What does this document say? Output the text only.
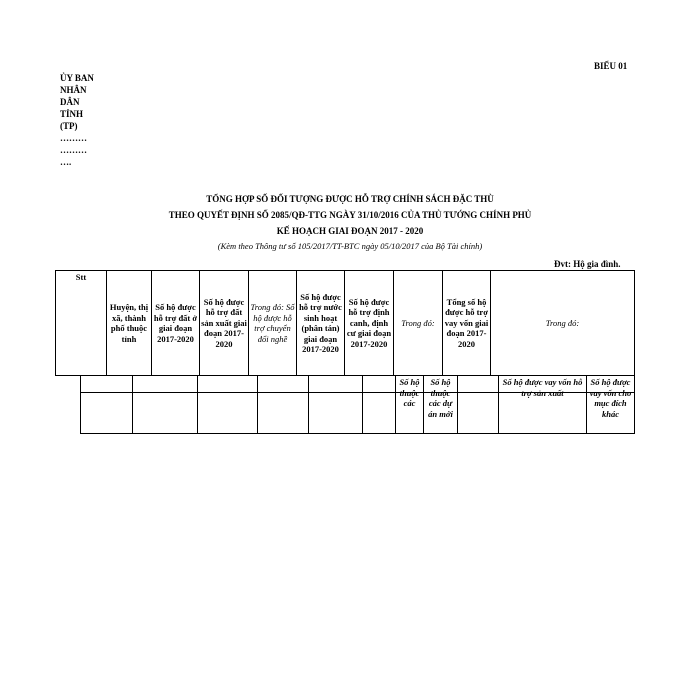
BIỂU 01
ỦY BAN
NHÂN
DÂN
TỈNH
(TP)
………
………
….
TỔNG HỢP SỐ ĐỐI TƯỢNG ĐƯỢC HỖ TRỢ CHÍNH SÁCH ĐẶC THÙ
THEO QUYẾT ĐỊNH SỐ 2085/QĐ-TTG NGÀY 31/10/2016 CỦA THỦ TƯỚNG CHÍNH PHỦ
KẾ HOẠCH GIAI ĐOẠN 2017 - 2020
(Kèm theo Thông tư số 105/2017/TT-BTC ngày 05/10/2017 của Bộ Tài chính)
Đvt: Hộ gia đình.
Stt
Huyện, thị xã, thành phố thuộc tỉnh
Số hộ được hỗ trợ đất ở giai đoạn 2017-2020
Số hộ được hỗ trợ đất sản xuất giai đoạn 2017-2020
Trong đó: Số hộ được hỗ trợ chuyển đổi nghề
Số hộ được hỗ trợ nước sinh hoạt (phân tán) giai đoạn 2017-2020
Số hộ được hỗ trợ định canh, định cư giai đoạn 2017-2020
Trong đó:
Tổng số hộ được hỗ trợ vay vốn giai đoạn 2017-2020
Trong đó:
Số hộ thuộc các
Số hộ thuộc các dự án mới
Số hộ được vay vốn hỗ trợ sản xuất
Số hộ được vay vốn cho mục đích khác
